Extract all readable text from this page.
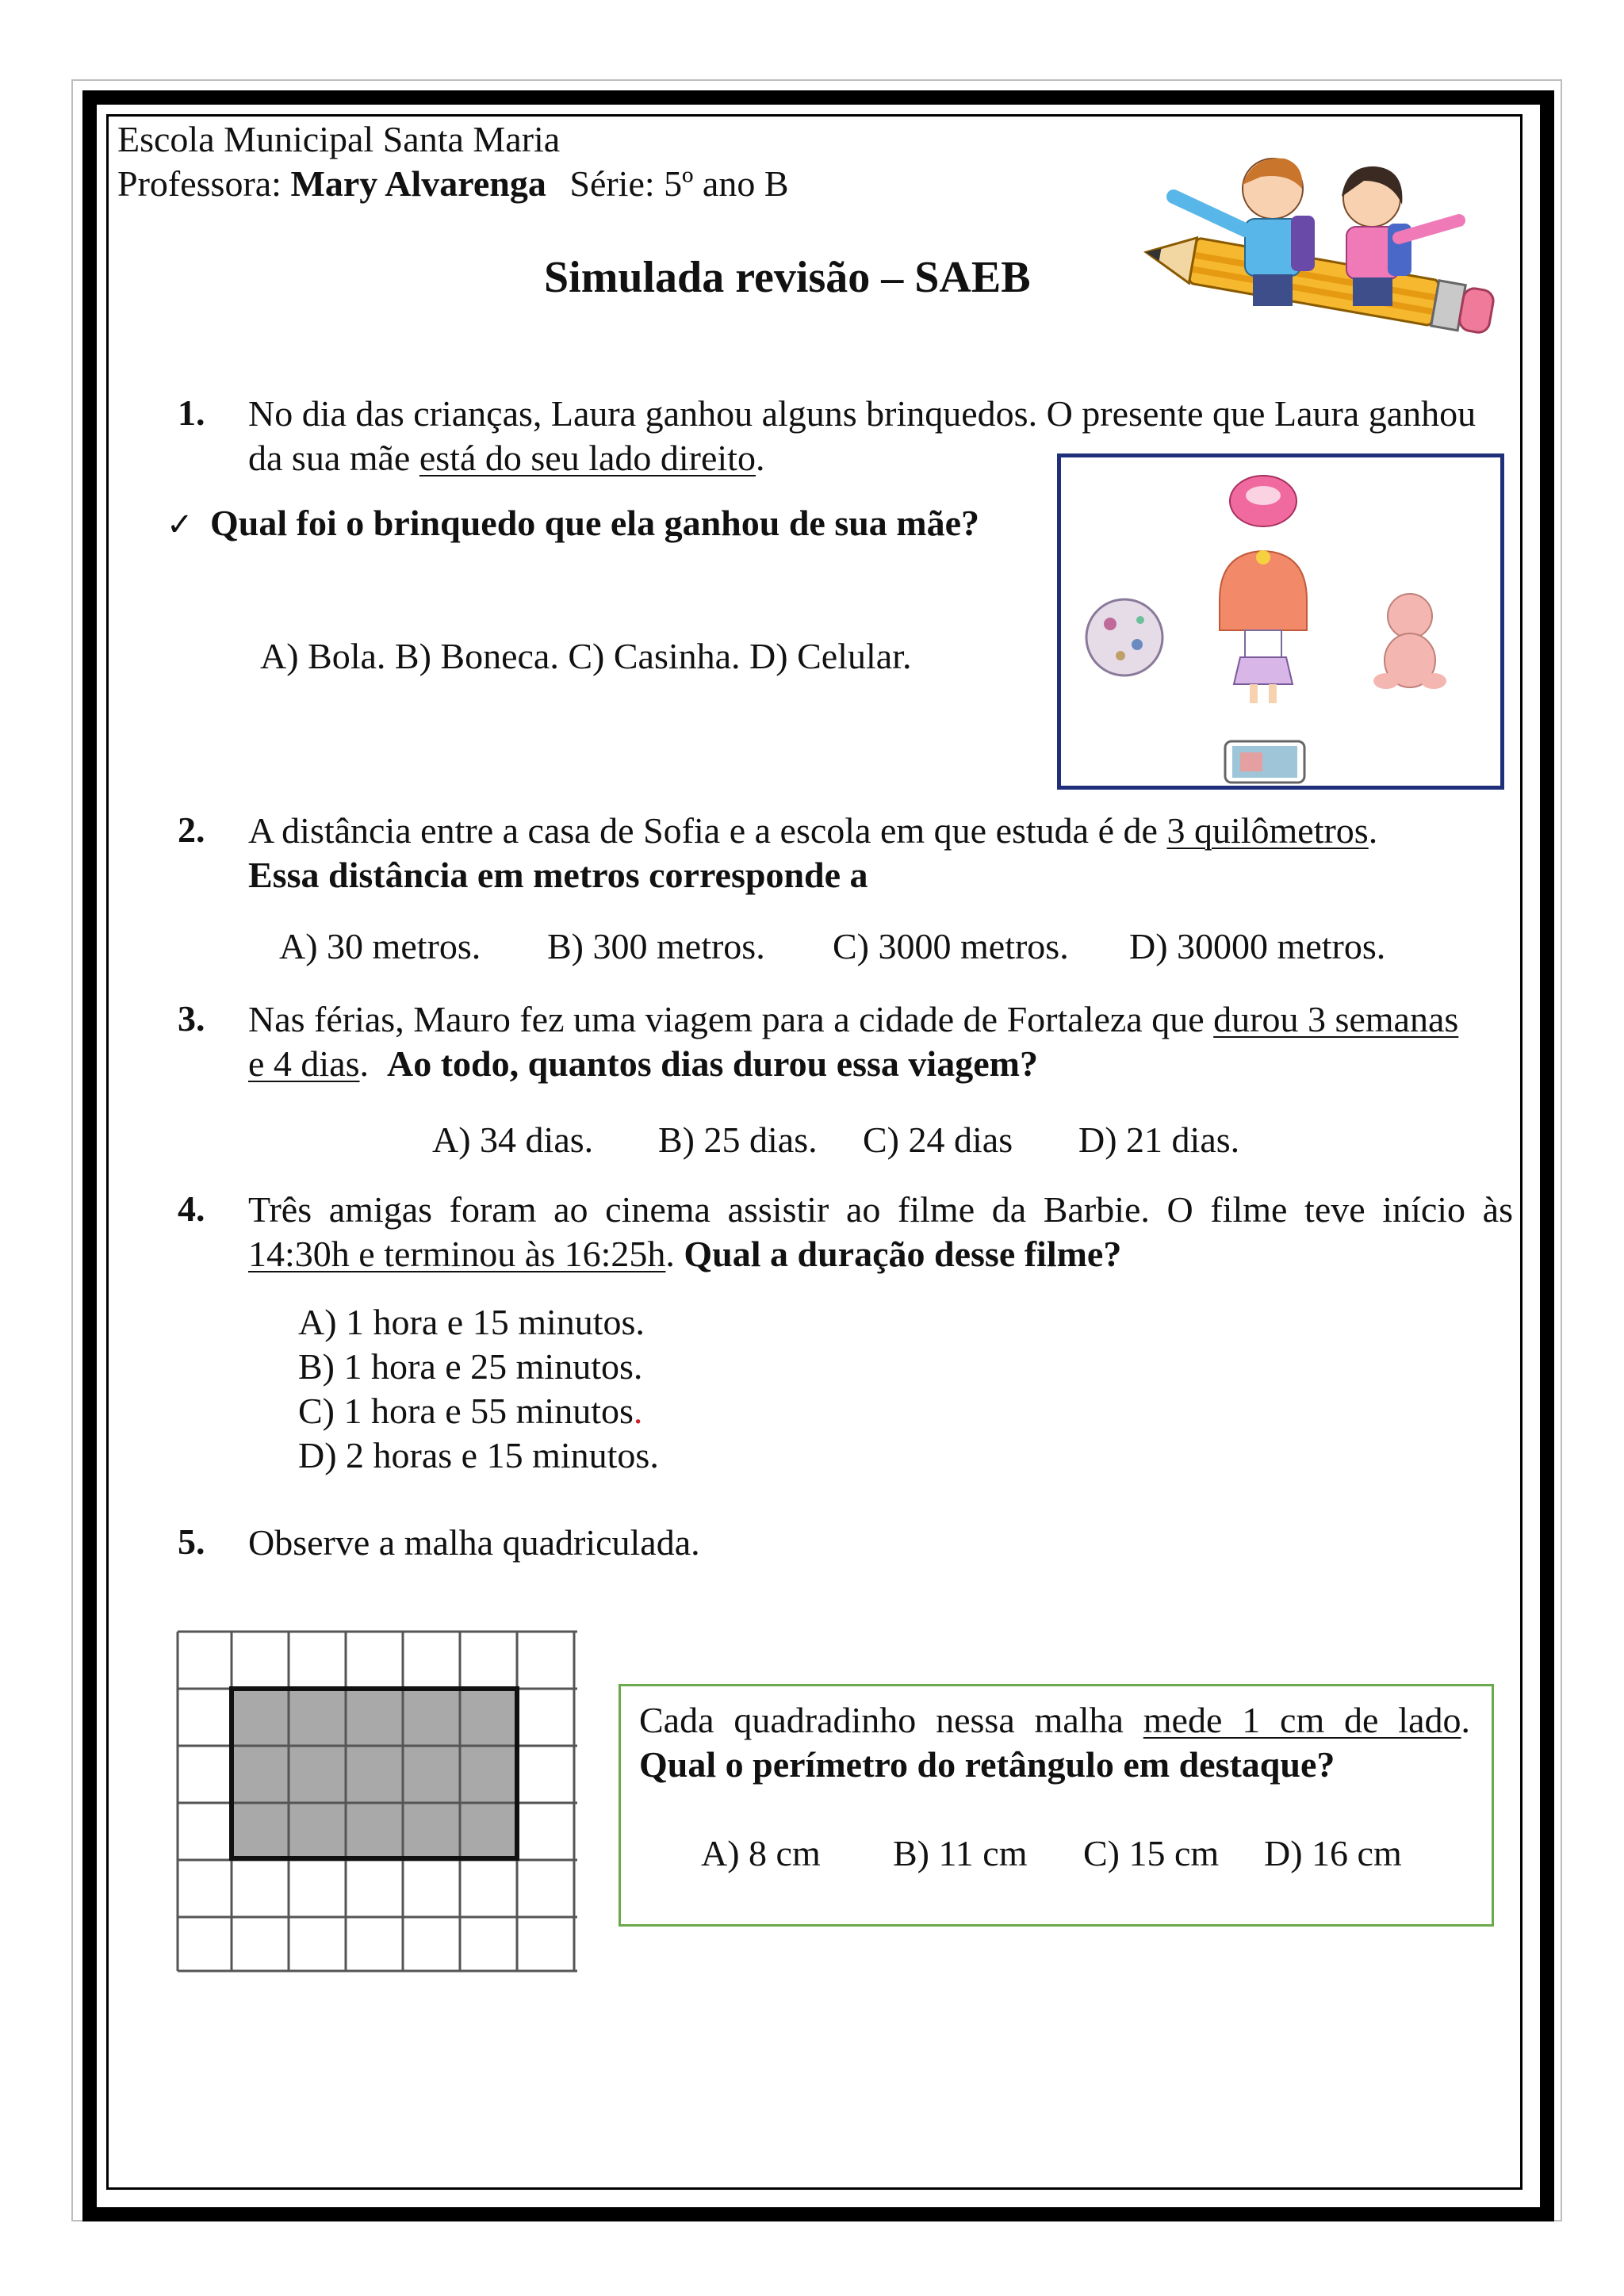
Escola Municipal Santa Maria
Professora: Mary Alvarenga Série: 5º ano B
Simulada revisão – SAEB
1. No dia das crianças, Laura ganhou alguns brinquedos. O presente que Laura ganhou
da sua mãe está do seu lado direito.
✓ Qual foi o brinquedo que ela ganhou de sua mãe?
A) Bola. B) Boneca. C) Casinha. D) Celular.
2. A distância entre a casa de Sofia e a escola em que estuda é de 3 quilômetros.
Essa distância em metros corresponde a
A) 30 metros. B) 300 metros. C) 3000 metros. D) 30000 metros.
3. Nas férias, Mauro fez uma viagem para a cidade de Fortaleza que durou 3 semanas
e 4 dias.  Ao todo, quantos dias durou essa viagem?
A) 34 dias. B) 25 dias. C) 24 dias D) 21 dias.
4. Três amigas foram ao cinema assistir ao filme da Barbie. O filme teve início às
14:30h e terminou às 16:25h. Qual a duração desse filme?
A) 1 hora e 15 minutos.
B) 1 hora e 25 minutos.
C) 1 hora e 55 minutos.
D) 2 horas e 15 minutos.
5. Observe a malha quadriculada.
Cada quadradinho nessa malha mede 1 cm de lado.
Qual o perímetro do retângulo em destaque?
A) 8 cm B) 11 cm C) 15 cm D) 16 cm
